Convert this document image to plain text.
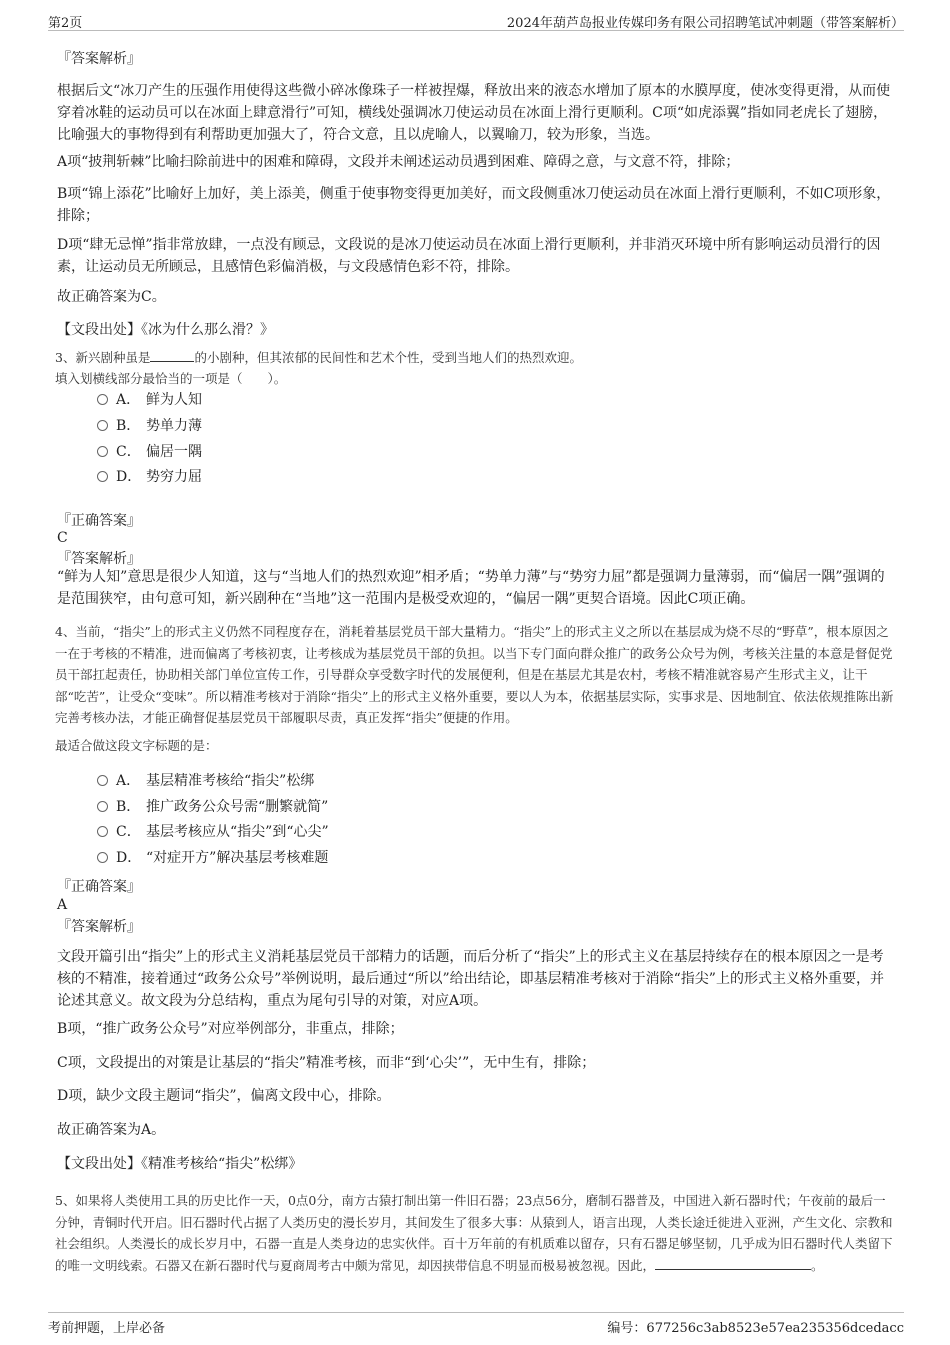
第2页	2024年葫芦岛报业传媒印务有限公司招聘笔试冲刺题（带答案解析）

『答案解析』

根据后文“冰刀产生的压强作用使得这些微小碎冰像珠子一样被捏爆，释放出来的液态水增加了原本的水膜厚度，使冰变得更滑，从而使穿着冰鞋的运动员可以在冰面上肆意滑行”可知，横线处强调冰刀使运动员在冰面上滑行更顺利。C项“如虎添翼”指如同老虎长了翅膀，比喻强大的事物得到有利帮助更加强大了，符合文意，且以虎喻人，以翼喻刀，较为形象，当选。

A项“披荆斩棘”比喻扫除前进中的困难和障碍，文段并未阐述运动员遇到困难、障碍之意，与文意不符，排除；

B项“锦上添花”比喻好上加好，美上添美，侧重于使事物变得更加美好，而文段侧重冰刀使运动员在冰面上滑行更顺利，不如C项形象，排除；

D项“肆无忌惮”指非常放肆，一点没有顾忌，文段说的是冰刀使运动员在冰面上滑行更顺利，并非消灭环境中所有影响运动员滑行的因素，让运动员无所顾忌，且感情色彩偏消极，与文段感情色彩不符，排除。

故正确答案为C。

【文段出处】《冰为什么那么滑？》

3、新兴剧种虽是	的小剧种，但其浓郁的民间性和艺术个性，受到当地人们的热烈欢迎。

填入划横线部分最恰当的一项是（　　）。

A． 鲜为人知
B． 势单力薄
C． 偏居一隅
D． 势穷力屈

『正确答案』

C

『答案解析』

“鲜为人知”意思是很少人知道，这与“当地人们的热烈欢迎”相矛盾；“势单力薄”与“势穷力屈”都是强调力量薄弱，而“偏居一隅”强调的是范围狭窄，由句意可知，新兴剧种在“当地”这一范围内是极受欢迎的，“偏居一隅”更契合语境。因此C项正确。

4、当前，“指尖”上的形式主义仍然不同程度存在，消耗着基层党员干部大量精力。“指尖”上的形式主义之所以在基层成为烧不尽的“野草”，根本原因之一在于考核的不精准，进而偏离了考核初衷，让考核成为基层党员干部的负担。以当下专门面向群众推广的政务公众号为例，考核关注量的本意是督促党员干部扛起责任，协助相关部门单位宣传工作，引导群众享受数字时代的发展便利，但是在基层尤其是农村，考核不精准就容易产生形式主义，让干部“吃苦”，让受众“变味”。所以精准考核对于消除“指尖”上的形式主义格外重要，要以人为本，依据基层实际，实事求是、因地制宜、依法依规推陈出新完善考核办法，才能正确督促基层党员干部履职尽责，真正发挥“指尖”便捷的作用。

最适合做这段文字标题的是：

A． 基层精准考核给“指尖”松绑
B． 推广政务公众号需“删繁就简”
C． 基层考核应从“指尖”到“心尖”
D． “对症开方”解决基层考核难题

『正确答案』

A

『答案解析』

文段开篇引出“指尖”上的形式主义消耗基层党员干部精力的话题，而后分析了“指尖”上的形式主义在基层持续存在的根本原因之一是考核的不精准，接着通过“政务公众号”举例说明，最后通过“所以”给出结论，即基层精准考核对于消除“指尖”上的形式主义格外重要，并论述其意义。故文段为分总结构，重点为尾句引导的对策，对应A项。

B项，“推广政务公众号”对应举例部分，非重点，排除；

C项，文段提出的对策是让基层的“指尖”精准考核，而非“到‘心尖’”，无中生有，排除；

D项，缺少文段主题词“指尖”，偏离文段中心，排除。

故正确答案为A。

【文段出处】《精准考核给“指尖”松绑》

5、如果将人类使用工具的历史比作一天，0点0分，南方古猿打制出第一件旧石器；23点56分，磨制石器普及，中国进入新石器时代；午夜前的最后一分钟，青铜时代开启。旧石器时代占据了人类历史的漫长岁月，其间发生了很多大事：从猿到人，语言出现，人类长途迁徙进入亚洲，产生文化、宗教和社会组织。人类漫长的成长岁月中，石器一直是人类身边的忠实伙伴。百十万年前的有机质难以留存，只有石器足够坚韧，几乎成为旧石器时代人类留下的唯一文明线索。石器又在新石器时代与夏商周考古中颇为常见，却因挟带信息不明显而极易被忽视。因此，	。

考前押题，上岸必备	编号：677256c3ab8523e57ea235356dcedacc
